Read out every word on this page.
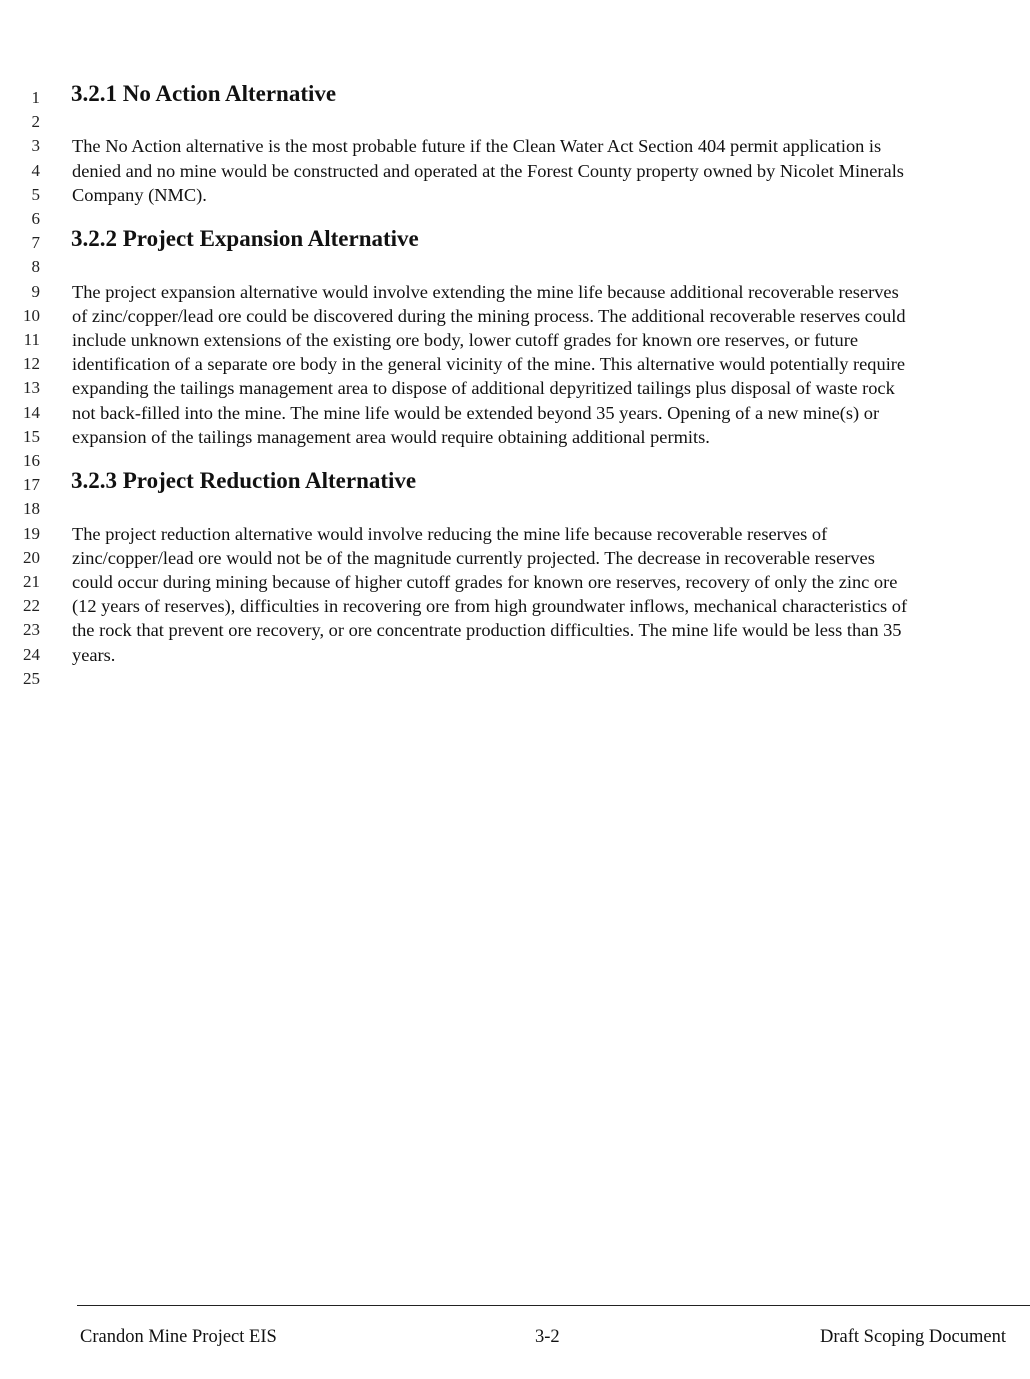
1 3.2.1 No Action Alternative
2
3 The No Action alternative is the most probable future if the Clean Water Act Section 404 permit application is
4 denied and no mine would be constructed and operated at the Forest County property owned by Nicolet Minerals
5 Company (NMC).
6
7 3.2.2 Project Expansion Alternative
8
9 The project expansion alternative would involve extending the mine life because additional recoverable reserves
10 of zinc/copper/lead ore could be discovered during the mining process. The additional recoverable reserves could
11 include unknown extensions of the existing ore body, lower cutoff grades for known ore reserves, or future
12 identification of a separate ore body in the general vicinity of the mine. This alternative would potentially require
13 expanding the tailings management area to dispose of additional depyritized tailings plus disposal of waste rock
14 not back-filled into the mine. The mine life would be extended beyond 35 years. Opening of a new mine(s) or
15 expansion of the tailings management area would require obtaining additional permits.
16
17 3.2.3 Project Reduction Alternative
18
19 The project reduction alternative would involve reducing the mine life because recoverable reserves of
20 zinc/copper/lead ore would not be of the magnitude currently projected. The decrease in recoverable reserves
21 could occur during mining because of higher cutoff grades for known ore reserves, recovery of only the zinc ore
22 (12 years of reserves), difficulties in recovering ore from high groundwater inflows, mechanical characteristics of
23 the rock that prevent ore recovery, or ore concentrate production difficulties. The mine life would be less than 35
24 years.
25
Crandon Mine Project EIS	3-2	Draft Scoping Document
